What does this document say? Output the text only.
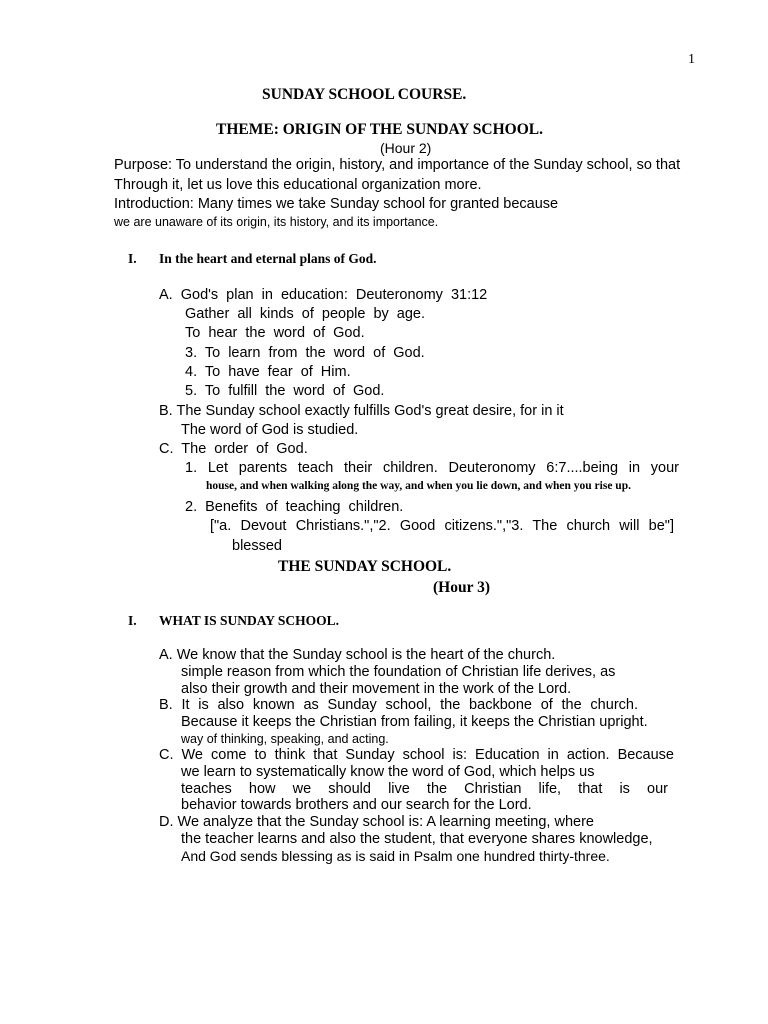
1
SUNDAY SCHOOL COURSE.
THEME: ORIGIN OF THE SUNDAY SCHOOL.
(Hour 2)
Purpose: To understand the origin, history, and importance of the Sunday school, so that
Through it, let us love this educational organization more.
Introduction: Many times we take Sunday school for granted because
we are unaware of its origin, its history, and its importance.
I. In the heart and eternal plans of God.
A. God's plan in education: Deuteronomy 31:12
Gather all kinds of people by age.
To hear the word of God.
3. To learn from the word of God.
4. To have fear of Him.
5. To fulfill the word of God.
B. The Sunday school exactly fulfills God's great desire, for in it
The word of God is studied.
C. The order of God.
1. Let parents teach their children. Deuteronomy 6:7....being in your
house, and when walking along the way, and when you lie down, and when you rise up.
2. Benefits of teaching children.
["a. Devout Christians.","2. Good citizens.","3. The church will be"]
blessed
THE SUNDAY SCHOOL.
(Hour 3)
I. WHAT IS SUNDAY SCHOOL.
A. We know that the Sunday school is the heart of the church.
simple reason from which the foundation of Christian life derives, as
also their growth and their movement in the work of the Lord.
B. It is also known as Sunday school, the backbone of the church.
Because it keeps the Christian from failing, it keeps the Christian upright.
way of thinking, speaking, and acting.
C. We come to think that Sunday school is: Education in action. Because
we learn to systematically know the word of God, which helps us
teaches how we should live the Christian life, that is our
behavior towards brothers and our search for the Lord.
D. We analyze that the Sunday school is: A learning meeting, where
the teacher learns and also the student, that everyone shares knowledge,
And God sends blessing as is said in Psalm one hundred thirty-three.
